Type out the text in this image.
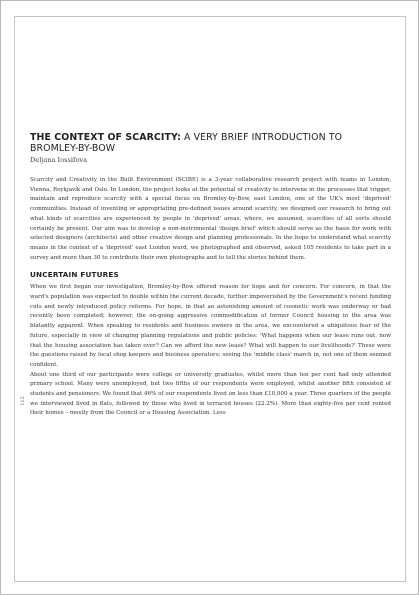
112
THE CONTEXT OF SCARCITY: A VERY BRIEF INTRODUCTION TO BROMLEY-BY-BOW

Deljana Iossifova

Scarcity and Creativity in the Built Environment (SCIBE) is a 3-year collaborative research project with teams in London, Vienna, Reykjavík and Oslo. In London, the project looks at the potential of creativity to intervene in the processes that trigger, maintain and reproduce scarcity with a special focus on Bromley-by-Bow, east London, one of the UK's most 'deprived' communities. Instead of inventing or appropriating pre-defined issues around scarcity, we designed our research to bring out what kinds of scarcities are experienced by people in 'deprived' areas, where, we assumed, scarcities of all sorts should certainly be present. Our aim was to develop a non-instrumental 'design brief' which should serve as the basis for work with selected designers (architects) and other creative design and planning professionals. In the hope to understand what scarcity means in the context of a 'deprived' east London ward, we photographed and observed, asked 105 residents to take part in a survey and more than 30 to contribute their own photographs and to tell the stories behind them.

UNCERTAIN FUTURES

When we first began our investigation, Bromley-by-Bow offered reason for hope and for concern. For concern, in that the ward's population was expected to double within the current decade, further impoverished by the Government's recent funding cuts and newly introduced policy reforms. For hope, in that an astonishing amount of cosmetic work was underway or had recently been completed; however, the on-going aggressive commodification of former Council housing in the area was blatantly apparent. When speaking to residents and business owners in the area, we encountered a ubiquitous fear of the future, especially in view of changing planning regulations and public policies: 'What happens when our lease runs out, now that the housing association has taken over? Can we afford the new lease? What will happen to our livelihoods?' These were the questions raised by local shop keepers and business operators; seeing the 'middle class' march in, not one of them seemed confident.

About one third of our participants were college or university graduates, whilst more than ten per cent had only attended primary school. Many were unemployed, but two fifths of our respondents were employed, whilst another fifth consisted of students and pensioners. We found that 46% of our respondents lived on less than £10,000 a year. Three quarters of the people we interviewed lived in flats, followed by those who lived in terraced houses (22.2%). More than eighty-five per cent rented their homes – mostly from the Council or a Housing Association. Less
